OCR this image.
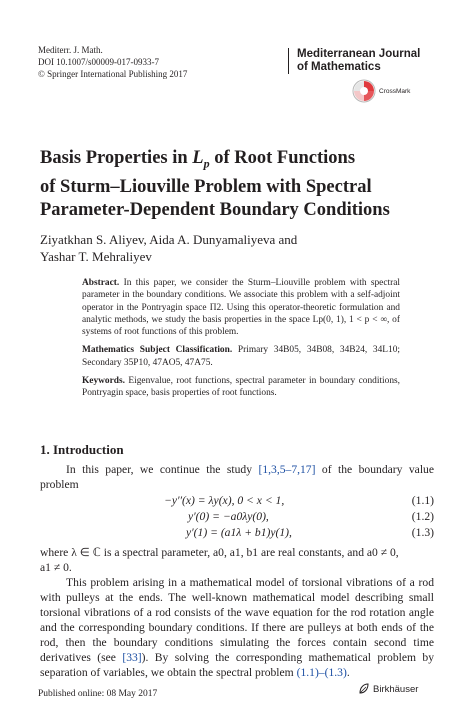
Mediterr. J. Math.
DOI 10.1007/s00009-017-0933-7
© Springer International Publishing 2017
Mediterranean Journal
of Mathematics
CrossMark
Basis Properties in $L_p$ of Root Functions
of Sturm–Liouville Problem with Spectral
Parameter-Dependent Boundary Conditions
Ziyatkhan S. Aliyev, Aida A. Dunyamaliyeva and
Yashar T. Mehraliyev

Abstract. In this paper, we consider the Sturm–Liouville problem with spectral parameter in the boundary conditions. We associate this problem with a self-adjoint operator in the Pontryagin space Π2. Using this operator-theoretic formulation and analytic methods, we study the basis properties in the space Lp(0, 1), 1 < p < ∞, of systems of root functions of this problem.

Mathematics Subject Classification. Primary 34B05, 34B08, 34B24, 34L10; Secondary 35P10, 47AO5, 47A75.

Keywords. Eigenvalue, root functions, spectral parameter in boundary conditions, Pontryagin space, basis properties of root functions.

1. Introduction
In this paper, we continue the study [1,3,5–7,17] of the boundary value problem
−y′′(x) = λy(x), 0 < x < 1,	(1.1)
y′(0) = −a0λy(0),	(1.2)
y′(1) = (a1λ + b1)y(1),	(1.3)
where λ ∈ ℂ is a spectral parameter, a0, a1, b1 are real constants, and a0 ≠ 0,
a1 ≠ 0.
This problem arising in a mathematical model of torsional vibrations of a rod with pulleys at the ends. The well-known mathematical model describing small torsional vibrations of a rod consists of the wave equation for the rod rotation angle and the corresponding boundary conditions. If there are pulleys at both ends of the rod, then the boundary conditions simulating the forces contain second time derivatives (see [33]). By solving the corresponding mathematical problem by separation of variables, we obtain the spectral problem (1.1)–(1.3).
Published online: 08 May 2017	Birkhäuser
